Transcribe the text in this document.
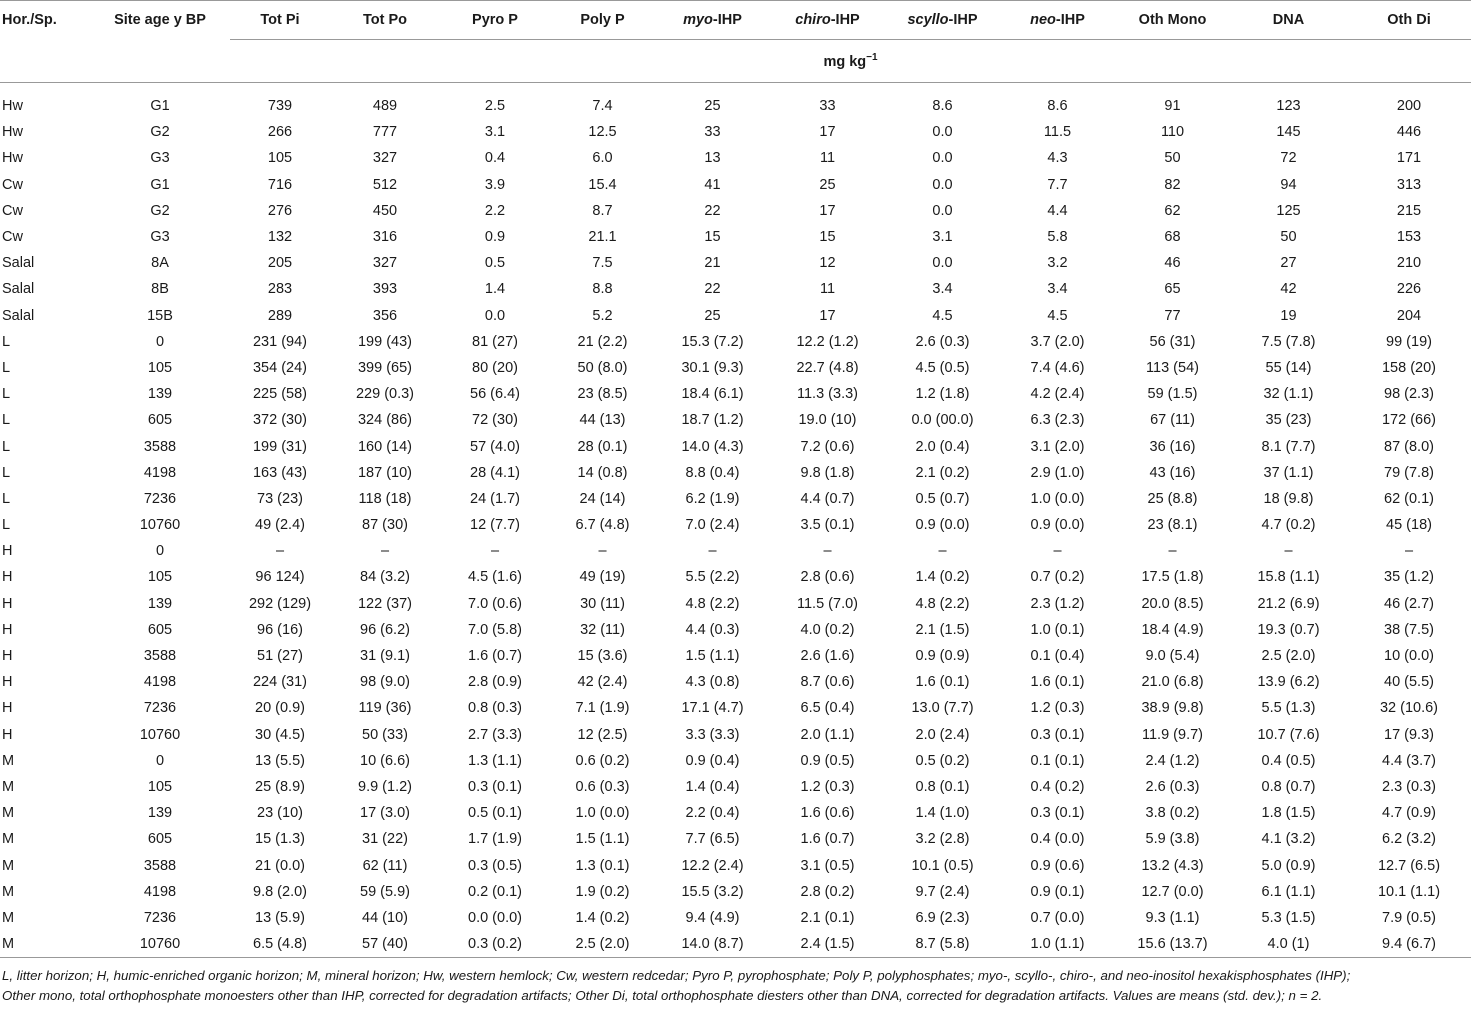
Hor./Sp.	Site age y BP	Tot Pi	Tot Po	Pyro P	Poly P	myo-IHP	chiro-IHP	scyllo-IHP	neo-IHP	Oth Mono	DNA	Oth Di
		mg $kg^{-1}$

Hw	G1	739	489	2.5	7.4	25	33	8.6	8.6	91	123	200
Hw	G2	266	777	3.1	12.5	33	17	0.0	11.5	110	145	446
Hw	G3	105	327	0.4	6.0	13	11	0.0	4.3	50	72	171
Cw	G1	716	512	3.9	15.4	41	25	0.0	7.7	82	94	313
Cw	G2	276	450	2.2	8.7	22	17	0.0	4.4	62	125	215
Cw	G3	132	316	0.9	21.1	15	15	3.1	5.8	68	50	153
Salal	8A	205	327	0.5	7.5	21	12	0.0	3.2	46	27	210
Salal	8B	283	393	1.4	8.8	22	11	3.4	3.4	65	42	226
Salal	15B	289	356	0.0	5.2	25	17	4.5	4.5	77	19	204
L	0	231 (94)	199 (43)	81 (27)	21 (2.2)	15.3 (7.2)	12.2 (1.2)	2.6 (0.3)	3.7 (2.0)	56 (31)	7.5 (7.8)	99 (19)
L	105	354 (24)	399 (65)	80 (20)	50 (8.0)	30.1 (9.3)	22.7 (4.8)	4.5 (0.5)	7.4 (4.6)	113 (54)	55 (14)	158 (20)
L	139	225 (58)	229 (0.3)	56 (6.4)	23 (8.5)	18.4 (6.1)	11.3 (3.3)	1.2 (1.8)	4.2 (2.4)	59 (1.5)	32 (1.1)	98 (2.3)
L	605	372 (30)	324 (86)	72 (30)	44 (13)	18.7 (1.2)	19.0 (10)	0.0 (00.0)	6.3 (2.3)	67 (11)	35 (23)	172 (66)
L	3588	199 (31)	160 (14)	57 (4.0)	28 (0.1)	14.0 (4.3)	7.2 (0.6)	2.0 (0.4)	3.1 (2.0)	36 (16)	8.1 (7.7)	87 (8.0)
L	4198	163 (43)	187 (10)	28 (4.1)	14 (0.8)	8.8 (0.4)	9.8 (1.8)	2.1 (0.2)	2.9 (1.0)	43 (16)	37 (1.1)	79 (7.8)
L	7236	73 (23)	118 (18)	24 (1.7)	24 (14)	6.2 (1.9)	4.4 (0.7)	0.5 (0.7)	1.0 (0.0)	25 (8.8)	18 (9.8)	62 (0.1)
L	10760	49 (2.4)	87 (30)	12 (7.7)	6.7 (4.8)	7.0 (2.4)	3.5 (0.1)	0.9 (0.0)	0.9 (0.0)	23 (8.1)	4.7 (0.2)	45 (18)
H	0	–	–	–	–	–	–	–	–	–	–	–
H	105	96 124)	84 (3.2)	4.5 (1.6)	49 (19)	5.5 (2.2)	2.8 (0.6)	1.4 (0.2)	0.7 (0.2)	17.5 (1.8)	15.8 (1.1)	35 (1.2)
H	139	292 (129)	122 (37)	7.0 (0.6)	30 (11)	4.8 (2.2)	11.5 (7.0)	4.8 (2.2)	2.3 (1.2)	20.0 (8.5)	21.2 (6.9)	46 (2.7)
H	605	96 (16)	96 (6.2)	7.0 (5.8)	32 (11)	4.4 (0.3)	4.0 (0.2)	2.1 (1.5)	1.0 (0.1)	18.4 (4.9)	19.3 (0.7)	38 (7.5)
H	3588	51 (27)	31 (9.1)	1.6 (0.7)	15 (3.6)	1.5 (1.1)	2.6 (1.6)	0.9 (0.9)	0.1 (0.4)	9.0 (5.4)	2.5 (2.0)	10 (0.0)
H	4198	224 (31)	98 (9.0)	2.8 (0.9)	42 (2.4)	4.3 (0.8)	8.7 (0.6)	1.6 (0.1)	1.6 (0.1)	21.0 (6.8)	13.9 (6.2)	40 (5.5)
H	7236	20 (0.9)	119 (36)	0.8 (0.3)	7.1 (1.9)	17.1 (4.7)	6.5 (0.4)	13.0 (7.7)	1.2 (0.3)	38.9 (9.8)	5.5 (1.3)	32 (10.6)
H	10760	30 (4.5)	50 (33)	2.7 (3.3)	12 (2.5)	3.3 (3.3)	2.0 (1.1)	2.0 (2.4)	0.3 (0.1)	11.9 (9.7)	10.7 (7.6)	17 (9.3)
M	0	13 (5.5)	10 (6.6)	1.3 (1.1)	0.6 (0.2)	0.9 (0.4)	0.9 (0.5)	0.5 (0.2)	0.1 (0.1)	2.4 (1.2)	0.4 (0.5)	4.4 (3.7)
M	105	25 (8.9)	9.9 (1.2)	0.3 (0.1)	0.6 (0.3)	1.4 (0.4)	1.2 (0.3)	0.8 (0.1)	0.4 (0.2)	2.6 (0.3)	0.8 (0.7)	2.3 (0.3)
M	139	23 (10)	17 (3.0)	0.5 (0.1)	1.0 (0.0)	2.2 (0.4)	1.6 (0.6)	1.4 (1.0)	0.3 (0.1)	3.8 (0.2)	1.8 (1.5)	4.7 (0.9)
M	605	15 (1.3)	31 (22)	1.7 (1.9)	1.5 (1.1)	7.7 (6.5)	1.6 (0.7)	3.2 (2.8)	0.4 (0.0)	5.9 (3.8)	4.1 (3.2)	6.2 (3.2)
M	3588	21 (0.0)	62 (11)	0.3 (0.5)	1.3 (0.1)	12.2 (2.4)	3.1 (0.5)	10.1 (0.5)	0.9 (0.6)	13.2 (4.3)	5.0 (0.9)	12.7 (6.5)
M	4198	9.8 (2.0)	59 (5.9)	0.2 (0.1)	1.9 (0.2)	15.5 (3.2)	2.8 (0.2)	9.7 (2.4)	0.9 (0.1)	12.7 (0.0)	6.1 (1.1)	10.1 (1.1)
M	7236	13 (5.9)	44 (10)	0.0 (0.0)	1.4 (0.2)	9.4 (4.9)	2.1 (0.1)	6.9 (2.3)	0.7 (0.0)	9.3 (1.1)	5.3 (1.5)	7.9 (0.5)
M	10760	6.5 (4.8)	57 (40)	0.3 (0.2)	2.5 (2.0)	14.0 (8.7)	2.4 (1.5)	8.7 (5.8)	1.0 (1.1)	15.6 (13.7)	4.0 (1)	9.4 (6.7)
L, litter horizon; H, humic-enriched organic horizon; M, mineral horizon; Hw, western hemlock; Cw, western redcedar; Pyro P, pyrophosphate; Poly P, polyphosphates; myo-, scyllo-, chiro-, and neo-inositol hexakisphosphates (IHP);
Other mono, total orthophosphate monoesters other than IHP, corrected for degradation artifacts; Other Di, total orthophosphate diesters other than DNA, corrected for degradation artifacts. Values are means (std. dev.); n = 2.
